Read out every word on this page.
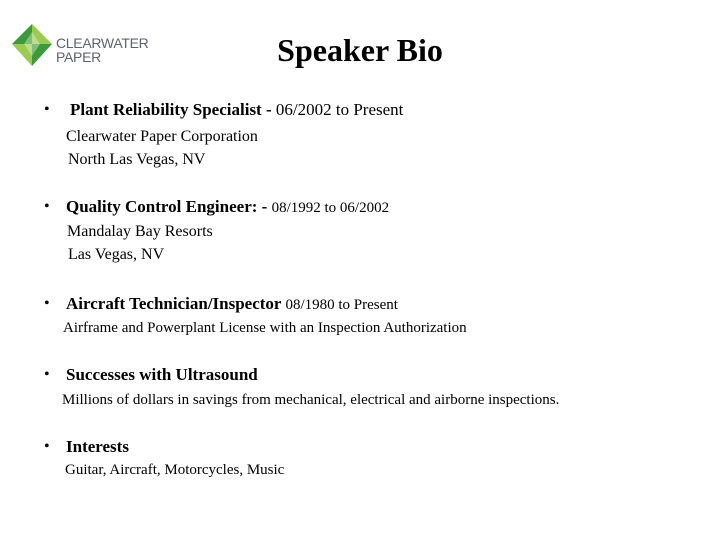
CLEARWATER
PAPER	Speaker Bio
• Plant Reliability Specialist - 06/2002 to Present
Clearwater Paper Corporation
North Las Vegas, NV
• Quality Control Engineer: - 08/1992 to 06/2002
Mandalay Bay Resorts
Las Vegas, NV
• Aircraft Technician/Inspector 08/1980 to Present
Airframe and Powerplant License with an Inspection Authorization
• Successes with Ultrasound
Millions of dollars in savings from mechanical, electrical and airborne inspections.
• Interests
Guitar, Aircraft, Motorcycles, Music
